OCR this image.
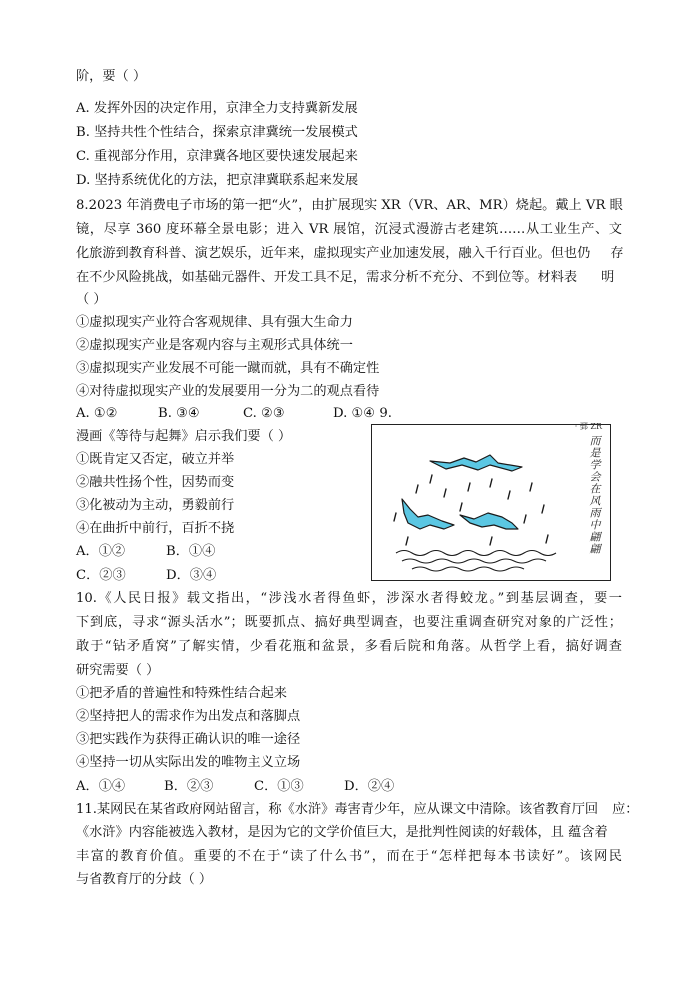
阶，要（ ）
A. 发挥外因的决定作用，京津全力支持冀新发展
B. 坚持共性个性结合，探索京津冀统一发展模式
C. 重视部分作用，京津冀各地区要快速发展起来
D. 坚持系统优化的方法，把京津冀联系起来发展
8.2023 年消费电子市场的第一把“火”，由扩展现实 XR（VR、AR、MR）烧起。戴上 VR 眼
镜，尽享 360 度环幕全景电影；进入 VR 展馆，沉浸式漫游古老建筑……从工业生产、文
化旅游到教育科普、演艺娱乐，近年来，虚拟现实产业加速发展，融入千行百业。但也仍 存
在不少风险挑战，如基础元器件、开发工具不足，需求分析不充分、不到位等。材料表 明
（ ）
①虚拟现实产业符合客观规律、具有强大生命力
②虚拟现实产业是客观内容与主观形式具体统一
③虚拟现实产业发展不可能一蹴而就，具有不确定性
④对待虚拟现实产业的发展要用一分为二的观点看待
A. ①②	B. ③④	C. ②③	D. ①④ 9.
漫画《等待与起舞》启示我们要（ ）
①既肯定又否定，破立并举
②融共性扬个性，因势而变
③化被动为主动，勇毅前行
④在曲折中前行，百折不挠
A．①②	B．①④
C．②③	D．③④
· 鄄 ZR
而是学会在风雨中翩翩
10.《人民日报》载文指出，“涉浅水者得鱼虾，涉深水者得蛟龙。”到基层调查，要一
下到底，寻求“源头活水”；既要抓点、搞好典型调查，也要注重调查研究对象的广泛性；
敢于“钻矛盾窝”了解实情，少看花瓶和盆景，多看后院和角落。从哲学上看，搞好调查
研究需要（ ）
①把矛盾的普遍性和特殊性结合起来
②坚持把人的需求作为出发点和落脚点
③把实践作为获得正确认识的唯一途径
④坚持一切从实际出发的唯物主义立场
A．①④	B．②③	C．①③	D．②④
11.某网民在某省政府网站留言，称《水浒》毒害青少年，应从课文中清除。该省教育厅回 应：
《水浒》内容能被选入教材，是因为它的文学价值巨大，是批判性阅读的好载体，且 蕴含着
丰富的教育价值。重要的不在于“读了什么书”，而在于“怎样把每本书读好”。该网民
与省教育厅的分歧（ ）
